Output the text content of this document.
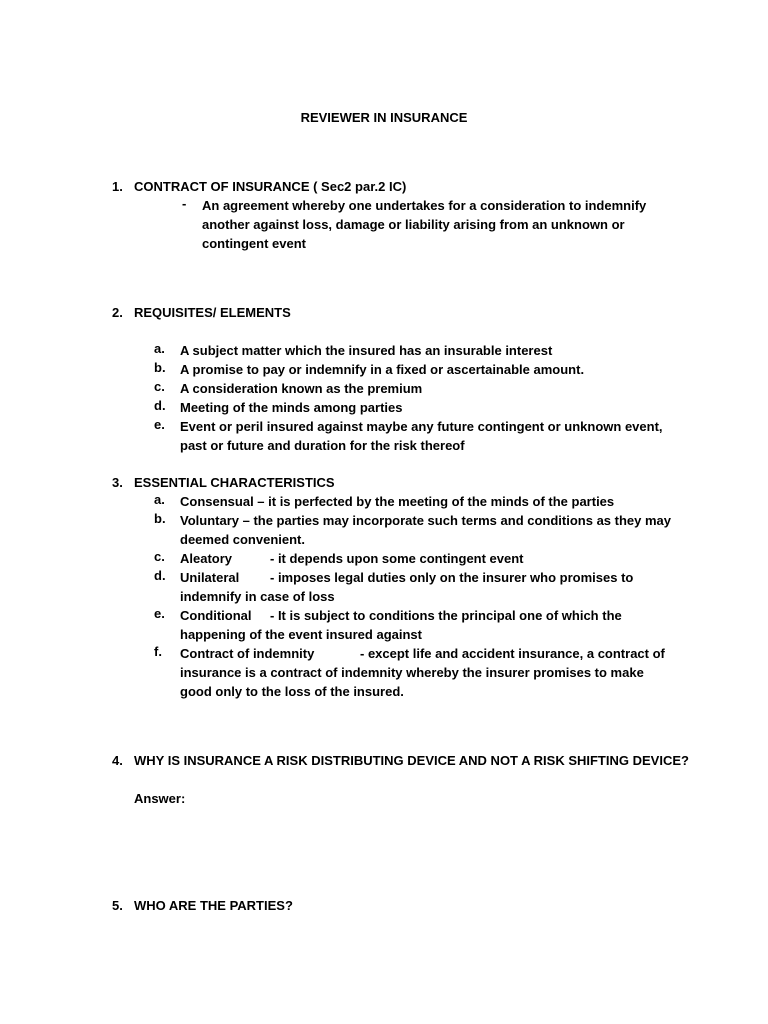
REVIEWER IN INSURANCE
1. CONTRACT OF INSURANCE ( Sec2 par.2 IC)
- An agreement whereby one undertakes for a consideration to indemnify
another against loss, damage or liability arising from an unknown or
contingent event
2. REQUISITES/ ELEMENTS
a. A subject matter which the insured has an insurable interest
b. A promise to pay or indemnify in a fixed or ascertainable amount.
c. A consideration known as the premium
d. Meeting of the minds among parties
e. Event or peril insured against maybe any future contingent or unknown event,
past or future and duration for the risk thereof
3. ESSENTIAL CHARACTERISTICS
a. Consensual – it is perfected by the meeting of the minds of the parties
b. Voluntary – the parties may incorporate such terms and conditions as they may
deemed convenient.
c. Aleatory	- it depends upon some contingent event
d. Unilateral - imposes legal duties only on the insurer who promises to
indemnify in case of loss
e. Conditional - It is subject to conditions the principal one of which the
happening of the event insured against
f. Contract of indemnity	- except life and accident insurance, a contract of
insurance is a contract of indemnity whereby the insurer promises to make
good only to the loss of the insured.
4. WHY IS INSURANCE A RISK DISTRIBUTING DEVICE AND NOT A RISK SHIFTING DEVICE?
Answer:
5. WHO ARE THE PARTIES?
